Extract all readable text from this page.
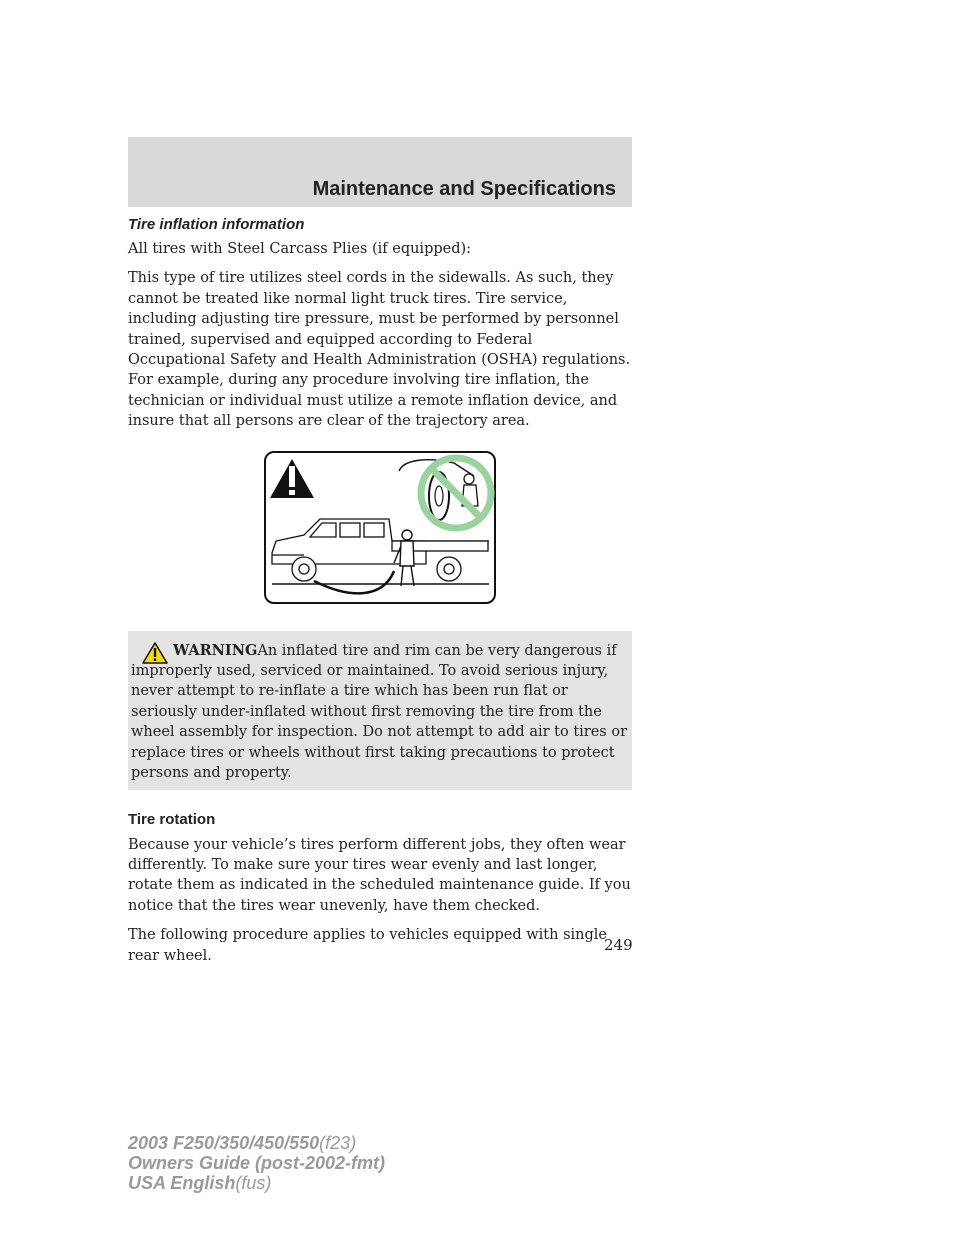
Maintenance and Specifications
Tire inflation information

All tires with Steel Carcass Plies (if equipped):

This type of tire utilizes steel cords in the sidewalls. As such, they cannot be treated like normal light truck tires. Tire service, including adjusting tire pressure, must be performed by personnel trained, supervised and equipped according to Federal Occupational Safety and Health Administration (OSHA) regulations. For example, during any procedure involving tire inflation, the technician or individual must utilize a remote inflation device, and insure that all persons are clear of the trajectory area.

WARNINGAn inflated tire and rim can be very dangerous if improperly used, serviced or maintained. To avoid serious injury, never attempt to re-inflate a tire which has been run flat or seriously under-inflated without first removing the tire from the wheel assembly for inspection. Do not attempt to add air to tires or replace tires or wheels without first taking precautions to protect persons and property.

Tire rotation

Because your vehicle’s tires perform different jobs, they often wear differently. To make sure your tires wear evenly and last longer, rotate them as indicated in the scheduled maintenance guide. If you notice that the tires wear unevenly, have them checked.

The following procedure applies to vehicles equipped with single rear wheel.

249
2003 F250/350/450/550(f23)
Owners Guide (post-2002-fmt)
USA English(fus)
